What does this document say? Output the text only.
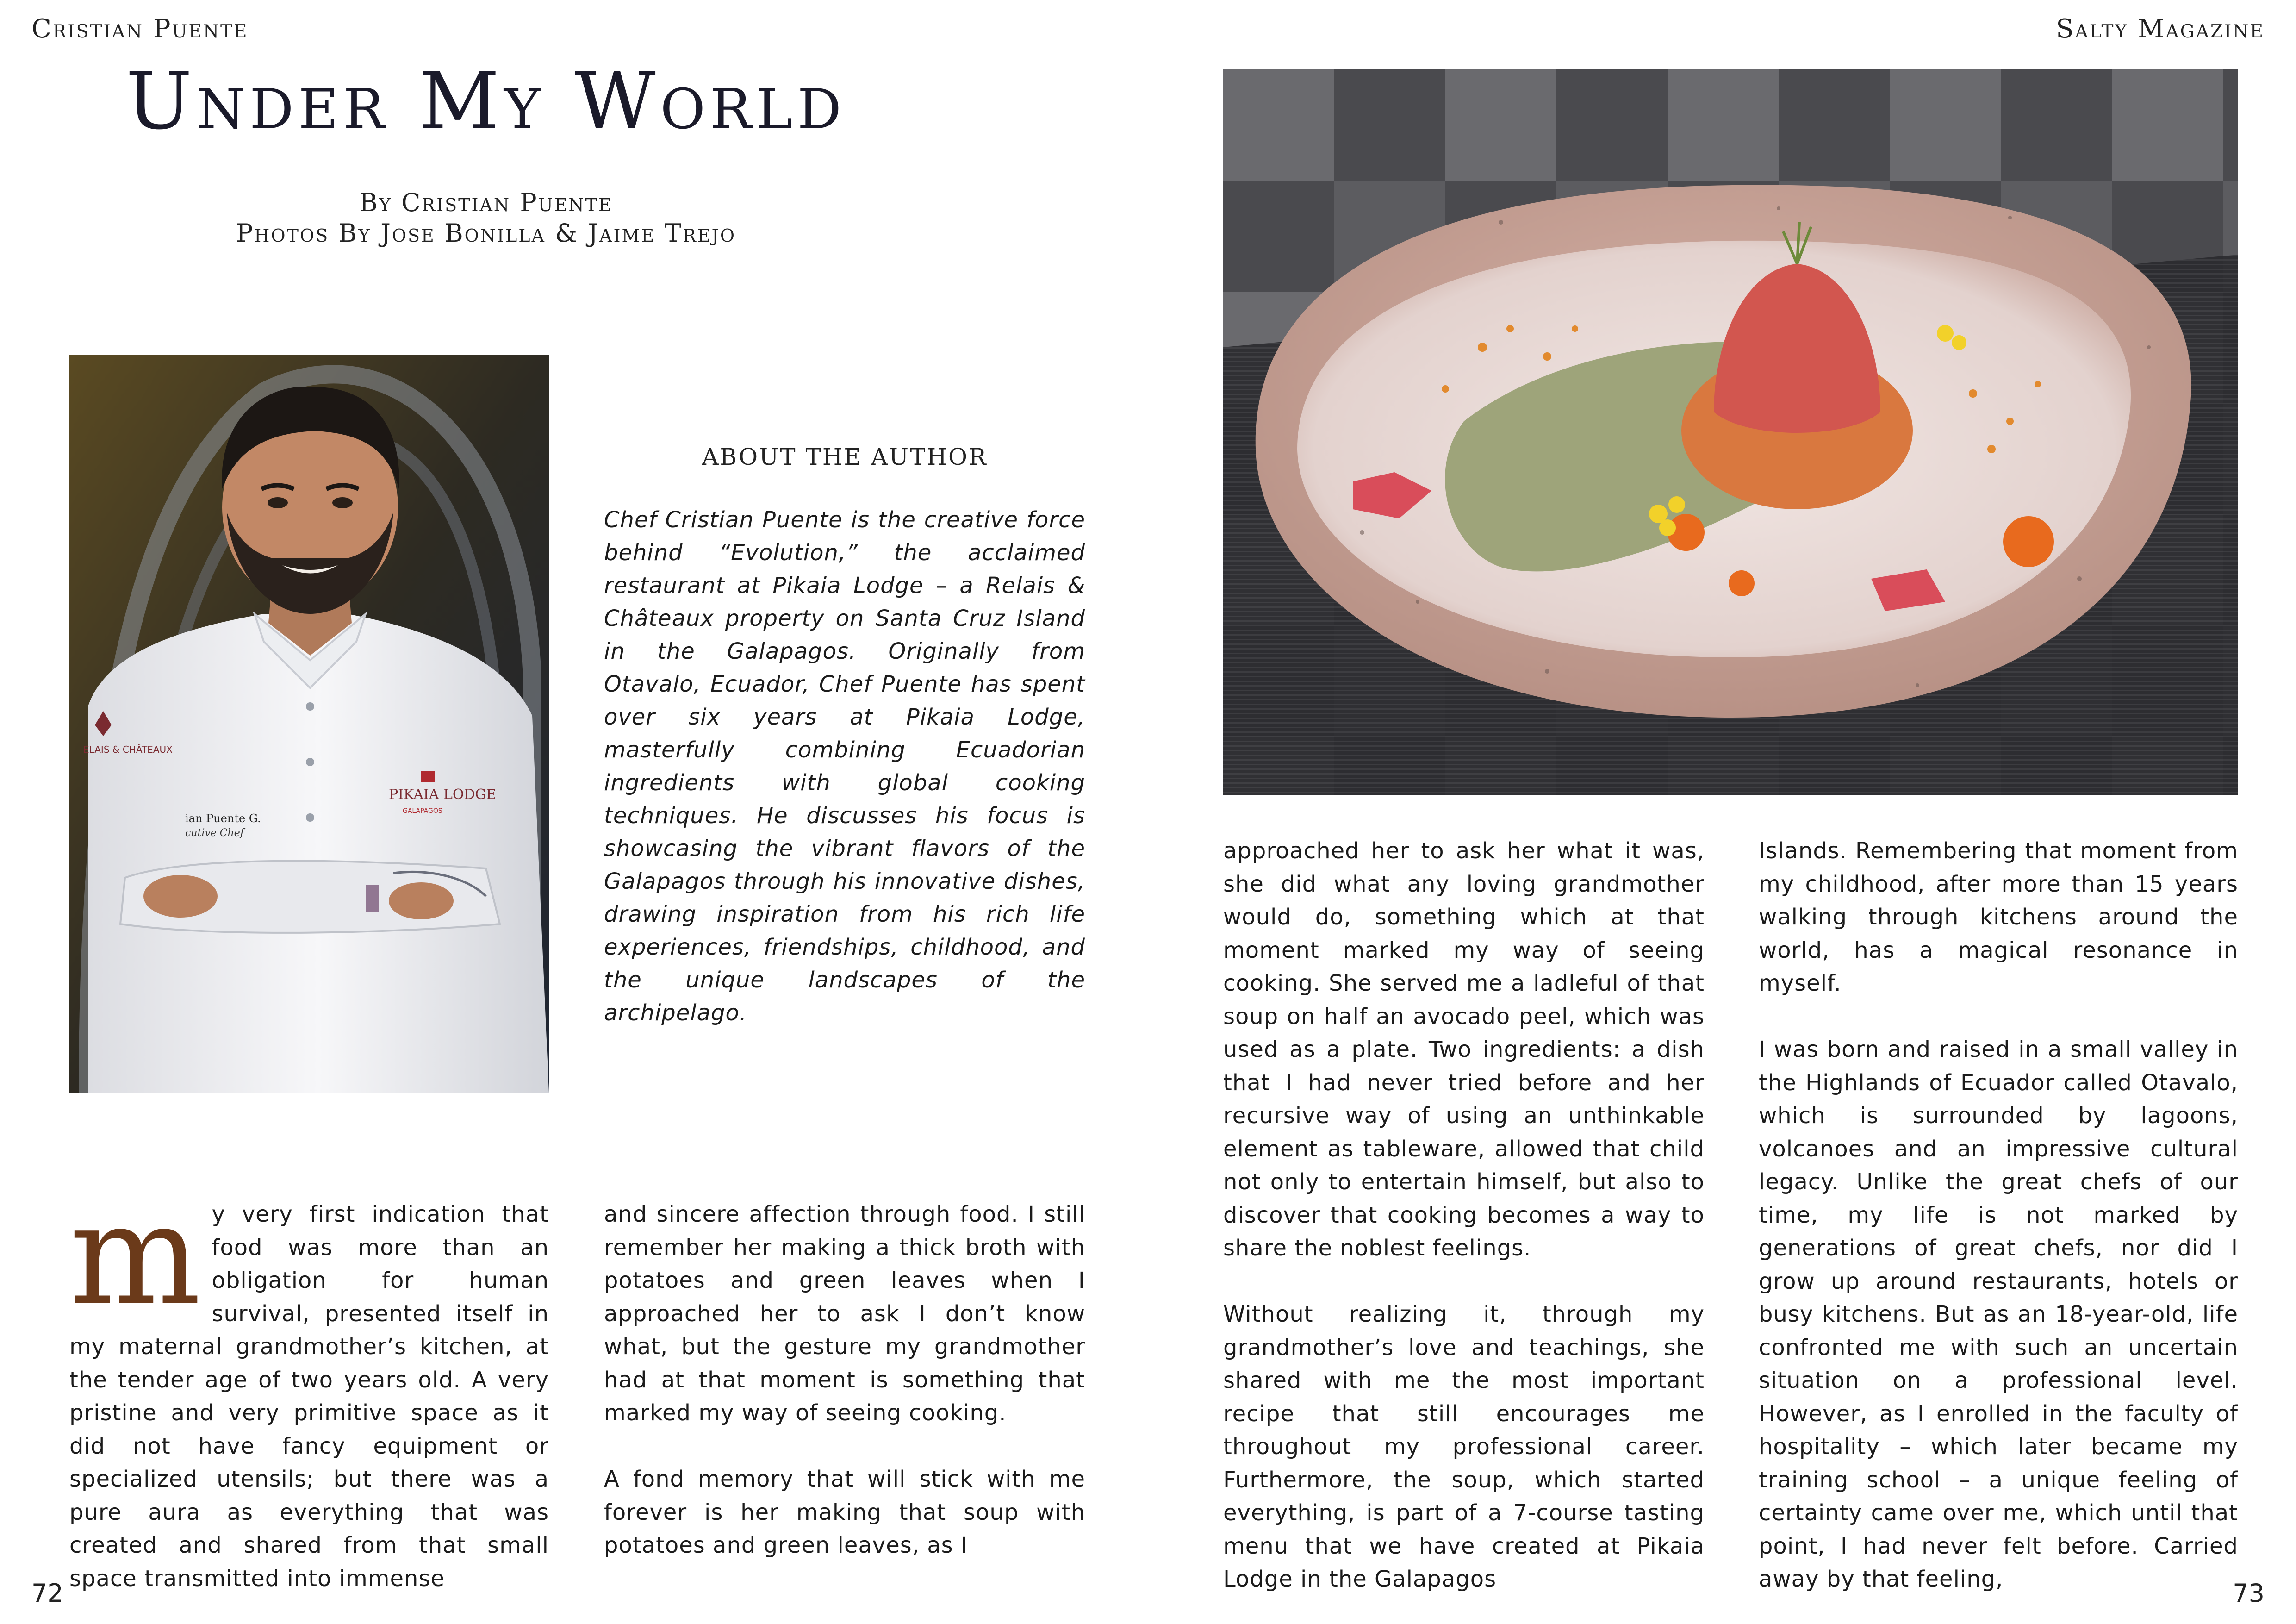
Cristian Puente	Salty Magazine
Under My World
By Cristian Puente
Photos By Jose Bonilla & Jaime Trejo
ELAIS & CHÂTEAUX
PIKAIA LODGE
GALAPAGOS
ian Puente G.
cutive Chef
ABOUT THE AUTHOR
Chef Cristian Puente is the creative force behind “Evolution,” the acclaimed restaurant at Pikaia Lodge – a Relais & Châteaux property on Santa Cruz Island in the Galapagos. Originally from Otavalo, Ecuador, Chef Puente has spent over six years at Pikaia Lodge, masterfully combining Ecuadorian ingredients with global cooking techniques. He discusses his focus is showcasing the vibrant flavors of the Galapagos through his innovative dishes, drawing inspiration from his rich life experiences, friendships, childhood, and the unique landscapes of the archipelago.

my very first indication that food was more than an obligation for human survival, presented itself in my maternal grandmother’s kitchen, at the tender age of two years old. A very pristine and very primitive space as it did not have fancy equipment or specialized utensils; but there was a pure aura as everything that was created and shared from that small space transmitted into immense

and sincere affection through food. I still remember her making a thick broth with potatoes and green leaves when I approached her to ask I don’t know what, but the gesture my grandmother had at that moment is something that marked my way of seeing cooking.

A fond memory that will stick with me forever is her making that soup with potatoes and green leaves, as I

approached her to ask her what it was, she did what any loving grandmother would do, something which at that moment marked my way of seeing cooking. She served me a ladleful of that soup on half an avocado peel, which was used as a plate. Two ingredients: a dish that I had never tried before and her recursive way of using an unthinkable element as tableware, allowed that child not only to entertain himself, but also to discover that cooking becomes a way to share the noblest feelings.

Without realizing it, through my grandmother’s love and teachings, she shared with me the most important recipe that still encourages me throughout my professional career. Furthermore, the soup, which started everything, is part of a 7-course tasting menu that we have created at Pikaia Lodge in the Galapagos

Islands. Remembering that moment from my childhood, after more than 15 years walking through kitchens around the world, has a magical resonance in myself.

I was born and raised in a small valley in the Highlands of Ecuador called Otavalo, which is surrounded by lagoons, volcanoes and an impressive cultural legacy. Unlike the great chefs of our time, my life is not marked by generations of great chefs, nor did I grow up around restaurants, hotels or busy kitchens. But as an 18-year-old, life confronted me with such an uncertain situation on a professional level. However, as I enrolled in the faculty of hospitality – which later became my training school – a unique feeling of certainty came over me, which until that point, I had never felt before. Carried away by that feeling,

72	73
